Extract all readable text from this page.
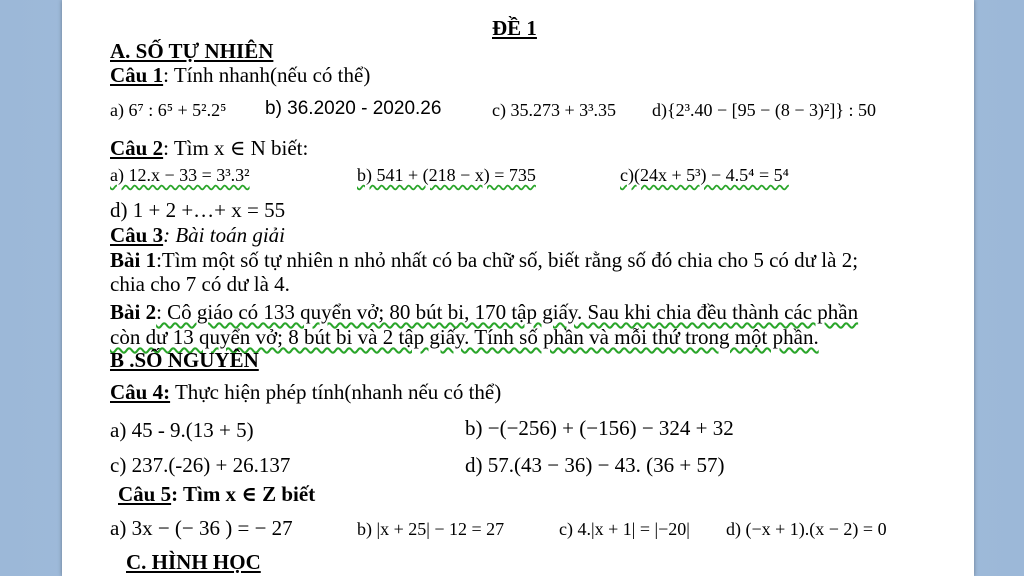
ĐỀ 1
A. SỐ TỰ NHIÊN
Câu 1: Tính nhanh(nếu có thể)
a) 6⁷ : 6⁵ + 5².2⁵ b) 36.2020 - 2020.26	c) 35.273 + 3³.35 d){2³.40 − [95 − (8 − 3)²]} : 50
Câu 2: Tìm x ∈ N biết:
a) 12.x − 33 = 3³.3²	b) 541 + (218 − x) = 735	c)(24x + 5³) − 4.5⁴ = 5⁴
d) 1 + 2 +…+ x = 55
Câu 3: Bài toán giải
Bài 1:Tìm một số tự nhiên n nhỏ nhất có ba chữ số, biết rằng số đó chia cho 5 có dư là 2;
chia cho 7 có dư là 4.
Bài 2: Cô giáo có 133 quyển vở; 80 bút bi, 170 tập giấy. Sau khi chia đều thành các phần
còn dư 13 quyển vở; 8 bút bi và 2 tập giấy. Tính số phần và mỗi thứ trong một phần.
B .SỐ NGUYÊN
Câu 4: Thực hiện phép tính(nhanh nếu có thể)
a) 45 - 9.(13 + 5)	b) −(−256) + (−156) − 324 + 32
c) 237.(-26) + 26.137	d) 57.(43 − 36) − 43. (36 + 57)
Câu 5: Tìm x ∈ Z biết
a) 3x − (− 36 ) = − 27	b) |x + 25| − 12 = 27	c) 4.|x + 1| = |−20| d) (−x + 1).(x − 2) = 0
C. HÌNH HỌC
